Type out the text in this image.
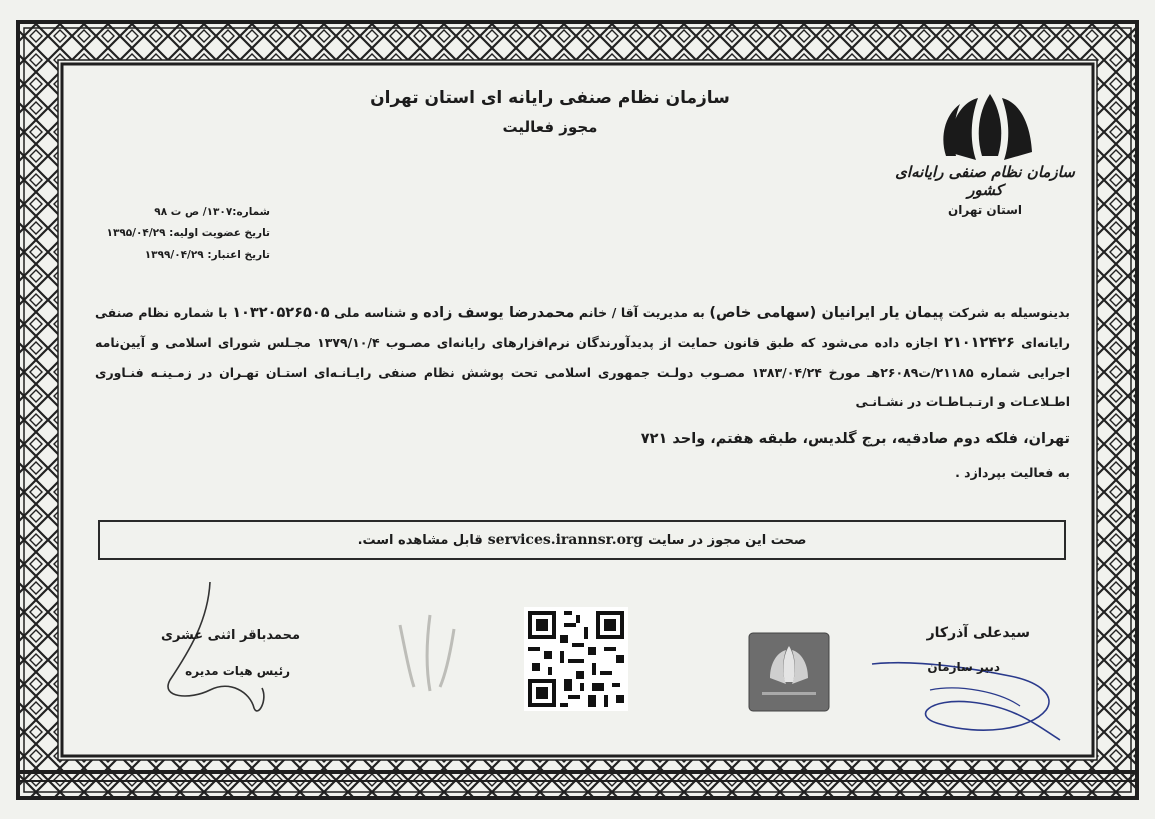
سازمان نظام صنفی رایانه ای استان تهران
مجوز فعالیت
سازمان نظام صنفی رایانه‌ای کشور
استان تهران
شماره:۱۳۰۷/ ص ت ۹۸
تاریخ عضویت اولیه: ۱۳۹۵/۰۴/۲۹
تاریخ اعتبار: ۱۳۹۹/۰۴/۲۹
بدینوسیله به شرکت پیمان یار ایرانیان (سهامی خاص) به مدیریت آقا / خانم محمدرضا یوسف زاده و شناسه ملی ۱۰۳۲۰۵۲۶۵۰۵ با شماره نظام صنفی رایانه‌ای ۲۱۰۱۲۴۲۶ اجازه داده می‌شود که طبق قانون حمایت از پدیدآورندگان نرم‌افزارهای رایانه‌ای مصـوب ۱۳۷۹/۱۰/۴ مجـلس شورای اسلامی و آیین‌نامه اجرایی شماره ۲۱۱۸۵/ت۲۶۰۸۹هـ مورخ ۱۳۸۳/۰۴/۲۴ مصـوب دولـت جمهوری اسلامی تحت پوشش نظام صنفی رایـانـه‌ای استـان تهـران در زمـینـه فنـاوری اطـلاعـات و ارتـبـاطـات در نشـانـی
تهران، فلکه دوم صادقیه، برج گلدیس، طبقه هفتم، واحد ۷۲۱
به فعالیت بپردازد .
صحت این مجوز در سایت
services.irannsr.org
قابل مشاهده است.
محمدباقر اثنی عشری
رئیس هیات مدیره
سیدعلی آذرکار
دبیر سازمان
